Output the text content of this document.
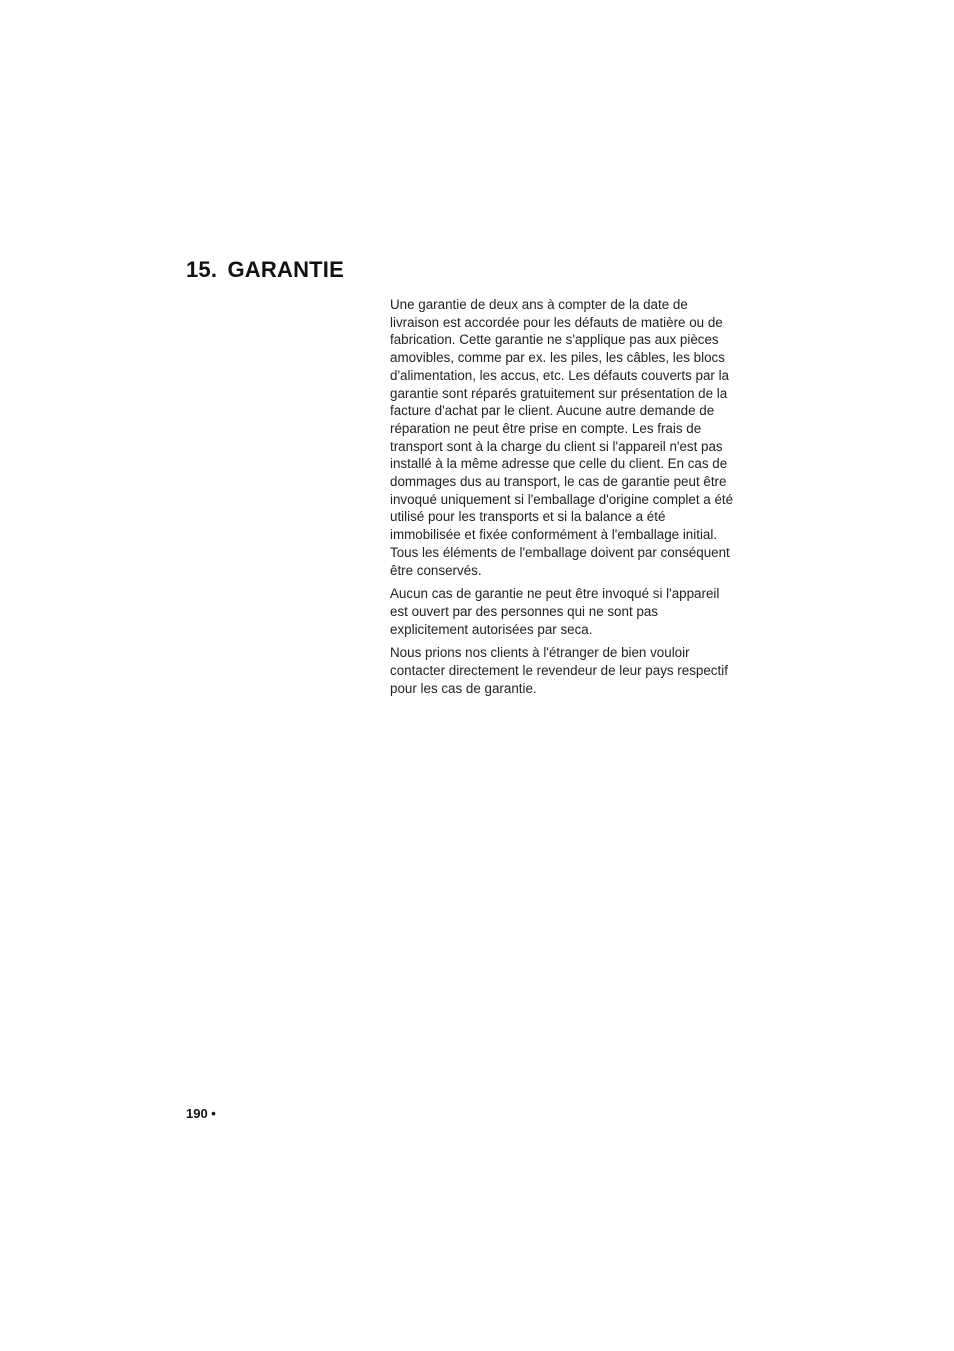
15. GARANTIE

Une garantie de deux ans à compter de la date de livraison est accordée pour les défauts de matière ou de fabrication. Cette garantie ne s'applique pas aux pièces amovibles, comme par ex. les piles, les câbles, les blocs d'alimentation, les accus, etc. Les défauts couverts par la garantie sont réparés gratuitement sur présentation de la facture d'achat par le client. Aucune autre demande de réparation ne peut être prise en compte. Les frais de transport sont à la charge du client si l'appareil n'est pas installé à la même adresse que celle du client. En cas de dommages dus au transport, le cas de garantie peut être invoqué uniquement si l'emballage d'origine complet a été utilisé pour les transports et si la balance a été immobilisée et fixée conformément à l'emballage initial. Tous les éléments de l'emballage doivent par conséquent être conservés.

Aucun cas de garantie ne peut être invoqué si l'appareil est ouvert par des personnes qui ne sont pas explicitement autorisées par seca.

Nous prions nos clients à l'étranger de bien vouloir contacter directement le revendeur de leur pays respectif pour les cas de garantie.

190 •
